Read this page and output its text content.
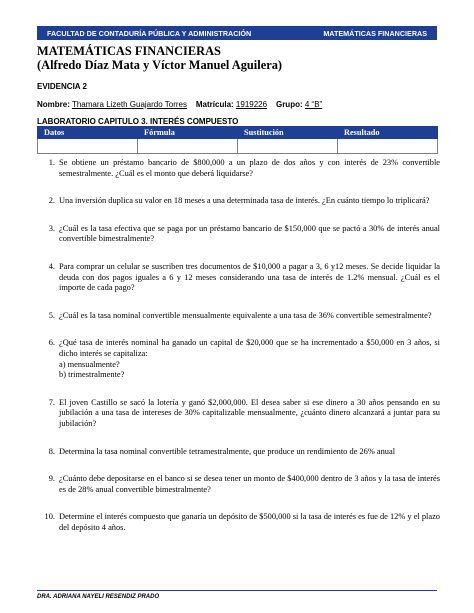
FACULTAD DE CONTADURÍA PÚBLICA Y ADMINISTRACIÓN	MATEMÁTICAS FINANCIERAS
MATEMÁTICAS FINANCIERAS
(Alfredo Díaz Mata y Víctor Manuel Aguilera)
EVIDENCIA 2
Nombre: Thamara Lizeth Guajardo Torres Matrícula: 1919226 Grupo: 4 “B”
LABORATORIO CAPITULO 3. INTERÉS COMPUESTO
Datos	Fórmula	Sustitución	Resultado

1. Se obtiene un préstamo bancario de $800,000 a un plazo de dos años y con interés de 23% convertible semestralmente. ¿Cuál es el monto que deberá liquidarse?
2. Una inversión duplica su valor en 18 meses a una determinada tasa de interés. ¿En cuánto tiempo lo triplicará?
3. ¿Cuál es la tasa efectiva que se paga por un préstamo bancario de $150,000 que se pactó a 30% de interés anual convertible bimestralmente?
4. Para comprar un celular se suscriben tres documentos de $10,000 a pagar a 3, 6 y12 meses. Se decide liquidar la deuda con dos pagos iguales a 6 y 12 meses considerando una tasa de interés de 1.2% mensual. ¿Cuál es el importe de cada pago?
5. ¿Cuál es la tasa nominal convertible mensualmente equivalente a una tasa de 36% convertible semestralmente?
6. ¿Qué tasa de interés nominal ha ganado un capital de $20,000 que se ha incrementado a $50,000 en 3 años, si dicho interés se capitaliza:
a) mensualmente?
b) trimestralmente?
7. El joven Castillo se sacó la lotería y ganó $2,000,000. El desea saber si ese dinero a 30 años pensando en su jubilación a una tasa de intereses de 30% capitalizable mensualmente, ¿cuánto dinero alcanzará a juntar para su jubilación?
8. Determina la tasa nominal convertible tetramestralmente, que produce un rendimiento de 26% anual
9. ¿Cuánto debe depositarse en el banco si se desea tener un monto de $400,000 dentro de 3 años y la tasa de interés es de 28% anual convertible bimestralmente?
10. Determine el interés compuesto que ganaría un depósito de $500,000 si la tasa de interés es fue de 12% y el plazo del depósito 4 años.
DRA. ADRIANA NAYELI RESENDIZ PRADO
